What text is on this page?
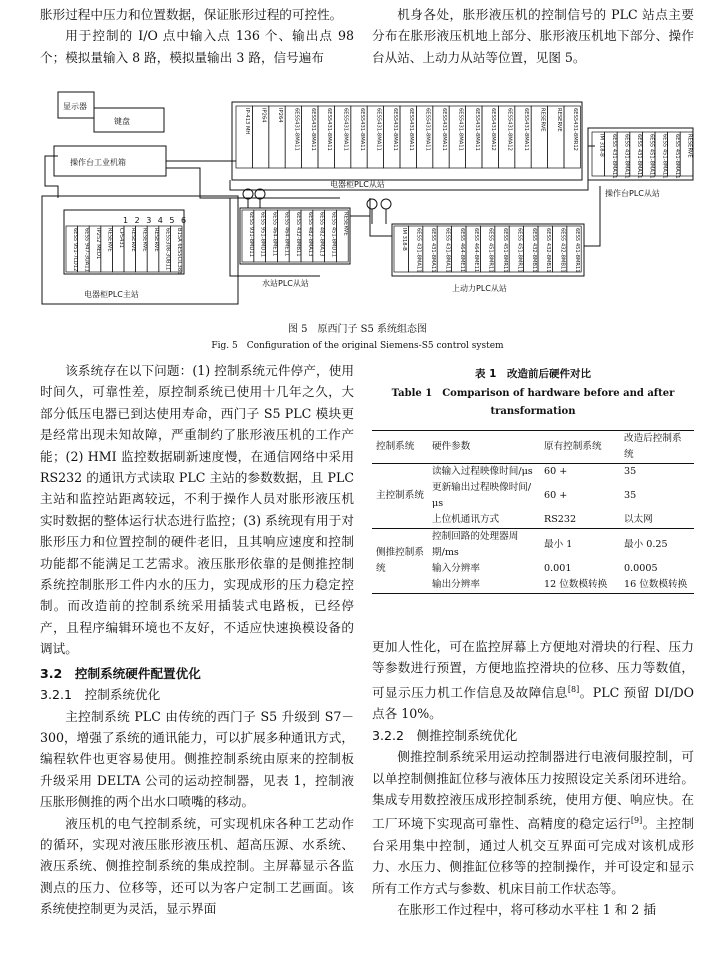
胀形过程中压力和位置数据，保证胀形过程的可控性。

用于控制的 I/O 点中输入点 136 个、输出点 98 个；模拟量输入 8 路，模拟量输出 3 路，信号遍布

机身各处，胀形液压机的控制信号的 PLC 站点主要分布在胀形液压机地上部分、胀形液压机地下部分、操作台从站、上动力从站等位置，见图 5。

显示器
键盘
操作台工业机箱
电器柜PLC主站
电器柜PLC从站
操作台PLC从站
水站PLC从站
上动力PLC从站
6ES5 951-7LD12 6ES5 947-3UA11 IP252 MED1 RESERVE CP5431 RESERVE RESERVE RESERVE 6ES5308-3UB11 B15A 6ES5CIL385
IP-413 MH IP264 IP264 6ES5431-8MA11 6ES5431-8MA11 6ES5431-8MA11 6ES5431-8MA11 6ES5431-8MA11 6ES5431-8MA11 6ES5431-8MA11 6ES5431-8MA11 6ES5431-8MA11 6ES5431-8MA11 6ES5431-8MA11 6ES5431-8MA11 6ES5431-8MA12 6ES5431-8MA12 6ES5431-8MA11 RESERVE RESERVE 6ES5431-8MR12	IM 318-B 6ES5 431-8MA11 6ES5 431-8MA11 6ES5 431-8MA11 6ES5 451-8MA11 6ES5 451-8MA11 6ES5 451-8MA11 RESERVE
6ES5 931-8MD11 6ES5 951-8MD11 6ES5 464-8ME11 6ES5 464-8ME11 6ES5 432-8MB11 6ES5 482-8MA13 6ES5 482-8MA13 6ES5 451-8MD11 RESERVE
IM 318-B 6ES5 431-8MA11 6ES5 431-8MA11 6ES5 431-8MA11 6ES5 464-8ME11 6ES5 464-8ME11 6ES5 451-8MR11 6ES5 451-8MR11 6ES5 451-8MR11 6ES5 432-8MB11 6ES5 432-8MB11 6ES5 432-8MB11 6ES5 451-8MR11
1 2 3 4 5 6
图 5　原西门子 S5 系统组态图
Fig. 5　Configuration of the original Siemens-S5 control system

该系统存在以下问题：(1) 控制系统元件停产，使用时间久，可靠性差，原控制系统已使用十几年之久，大部分低压电器已到达使用寿命，西门子 S5 PLC 模块更是经常出现未知故障，严重制约了胀形液压机的工作产能；(2) HMI 监控数据刷新速度慢，在通信网络中采用 RS232 的通讯方式读取 PLC 主站的参数数据，且 PLC 主站和监控站距离较远，不利于操作人员对胀形液压机实时数据的整体运行状态进行监控；(3) 系统现有用于对胀形压力和位置控制的硬件老旧，且其响应速度和控制功能都不能满足工艺需求。液压胀形依靠的是侧推控制系统控制胀形工件内水的压力，实现成形的压力稳定控制。而改造前的控制系统采用插装式电路板，已经停产，且程序编辑环境也不友好，不适应快速换模设备的调试。

3.2　控制系统硬件配置优化

3.2.1　控制系统优化

主控制系统 PLC 由传统的西门子 S5 升级到 S7－300，增强了系统的通讯能力，可以扩展多种通讯方式，编程软件也更容易使用。侧推控制系统由原来的控制板升级采用 DELTA 公司的运动控制器，见表 1，控制液压胀形侧推的两个出水口喷嘴的移动。

液压机的电气控制系统，可实现机床各种工艺动作的循环，实现对液压胀形液压机、超高压源、水系统、液压系统、侧推控制系统的集成控制。主屏幕显示各监测点的压力、位移等，还可以为客户定制工艺画面。该系统使控制更为灵活，显示界面

表 1　改造前后硬件对比
Table 1　Comparison of hardware before and after
transformation
控制系统	硬件参数	原有控制系统	改造后控制系统
主控制系统	读输入过程映像时间/μs	60 +	35
	更新输出过程映像时间/μs	60 +	35
	上位机通讯方式	RS232	以太网
侧推控制系统	控制回路的处理器周期/ms	最小 1	最小 0.25
	输入分辨率	0.001	0.0005
	输出分辨率	12 位数模转换	16 位数模转换

更加人性化，可在监控屏幕上方便地对滑块的行程、压力等参数进行预置，方便地监控滑块的位移、压力等数值，可显示压力机工作信息及故障信息[8]。PLC 预留 DI/DO 点各 10%。

3.2.2　侧推控制系统优化

侧推控制系统采用运动控制器进行电液伺服控制，可以单控制侧推缸位移与液体压力按照设定关系闭环进给。集成专用数控液压成形控制系统，使用方便、响应快。在工厂环境下实现高可靠性、高精度的稳定运行[9]。主控制台采用集中控制，通过人机交互界面可完成对该机成形力、水压力、侧推缸位移等的控制操作，并可设定和显示所有工作方式与参数、机床目前工作状态等。

在胀形工作过程中，将可移动水平柱 1 和 2 插
